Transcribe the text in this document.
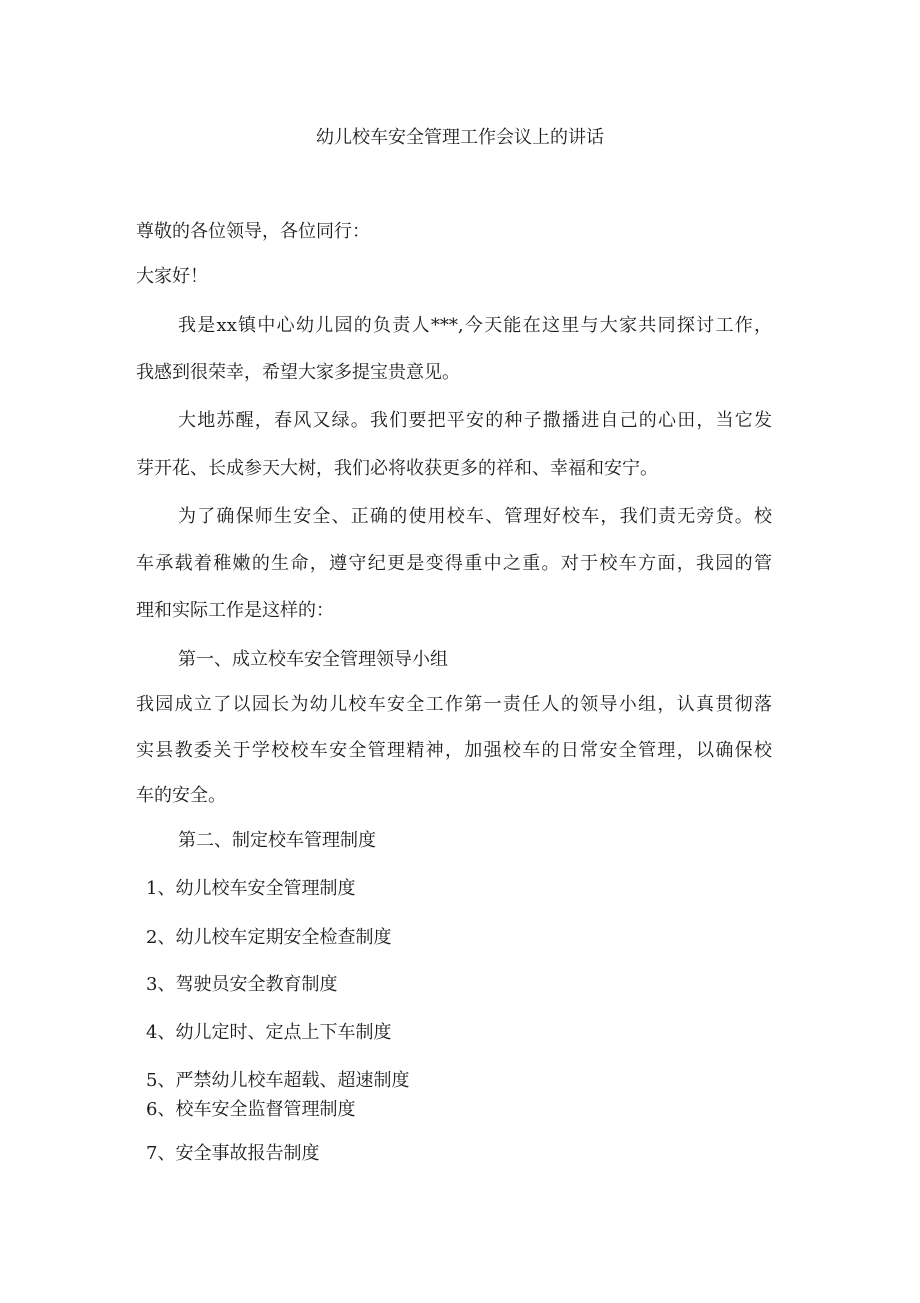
幼儿校车安全管理工作会议上的讲话

尊敬的各位领导，各位同行：

大家好！

我是xx镇中心幼儿园的负责人***,今天能在这里与大家共同探讨工作，

我感到很荣幸，希望大家多提宝贵意见。

大地苏醒，春风又绿。我们要把平安的种子撒播进自己的心田，当它发

芽开花、长成参天大树，我们必将收获更多的祥和、幸福和安宁。

为了确保师生安全、正确的使用校车、管理好校车，我们责无旁贷。校

车承载着稚嫩的生命，遵守纪更是变得重中之重。对于校车方面，我园的管

理和实际工作是这样的：

第一、成立校车安全管理领导小组

我园成立了以园长为幼儿校车安全工作第一责任人的领导小组，认真贯彻落

实县教委关于学校校车安全管理精神，加强校车的日常安全管理，以确保校

车的安全。

第二、制定校车管理制度

1、幼儿校车安全管理制度

2、幼儿校车定期安全检查制度

3、驾驶员安全教育制度

4、幼儿定时、定点上下车制度

5、严禁幼儿校车超载、超速制度

6、校车安全监督管理制度

7、安全事故报告制度
